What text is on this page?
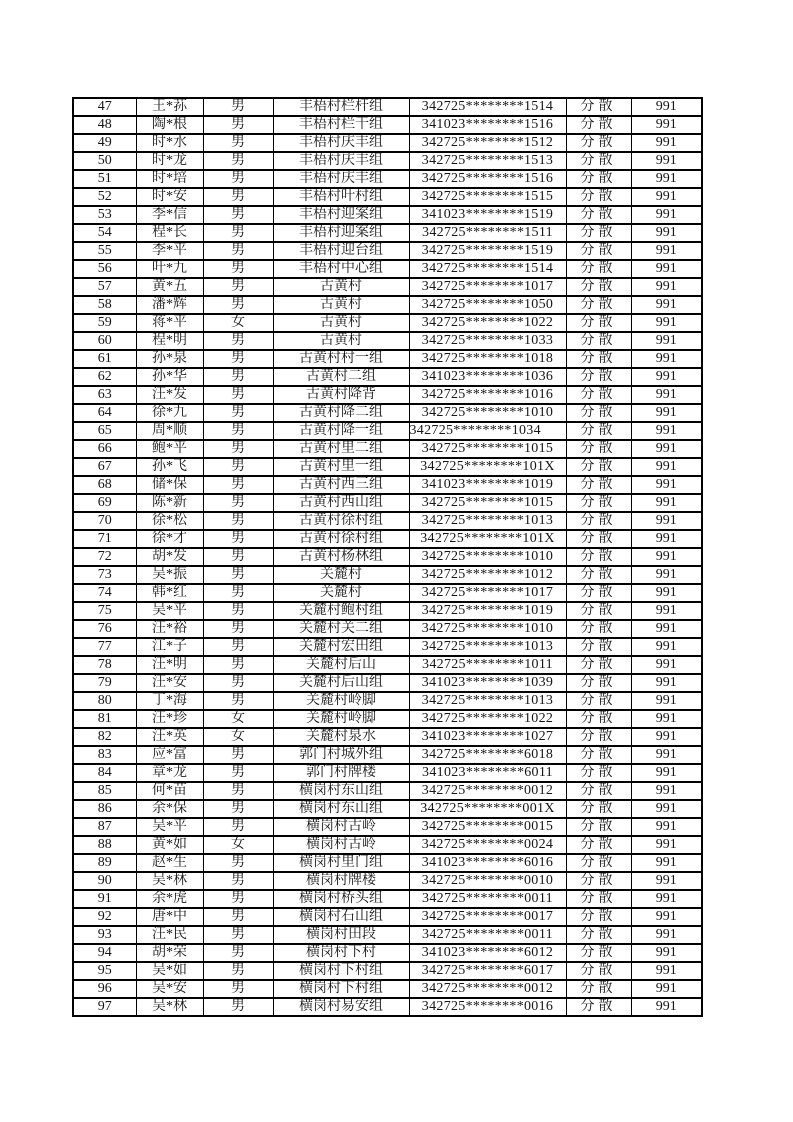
47	王*荪	男	丰梧村栏杆组	342725********1514	分散	991
48	陶*根	男	丰梧村栏干组	341023********1516	分散	991
49	时*水	男	丰梧村庆丰组	342725********1512	分散	991
50	时*龙	男	丰梧村庆丰组	342725********1513	分散	991
51	时*培	男	丰梧村庆丰组	342725********1516	分散	991
52	时*安	男	丰梧村叶村组	342725********1515	分散	991
53	李*信	男	丰梧村迎案组	341023********1519	分散	991
54	程*长	男	丰梧村迎案组	342725********1511	分散	991
55	李*平	男	丰梧村迎台组	342725********1519	分散	991
56	叶*九	男	丰梧村中心组	342725********1514	分散	991
57	黄*五	男	古黄村	342725********1017	分散	991
58	潘*辉	男	古黄村	342725********1050	分散	991
59	蒋*平	女	古黄村	342725********1022	分散	991
60	程*明	男	古黄村	342725********1033	分散	991
61	孙*泉	男	古黄村村一组	342725********1018	分散	991
62	孙*华	男	古黄村二组	341023********1036	分散	991
63	汪*发	男	古黄村降背	342725********1016	分散	991
64	徐*九	男	古黄村降二组	342725********1010	分散	991
65	周*顺	男	古黄村降一组	342725********1034	分散	991
66	鲍*平	男	古黄村里二组	342725********1015	分散	991
67	孙*飞	男	古黄村里一组	342725********101X	分散	991
68	储*保	男	古黄村西三组	341023********1019	分散	991
69	陈*新	男	古黄村西山组	342725********1015	分散	991
70	徐*松	男	古黄村徐村组	342725********1013	分散	991
71	徐*才	男	古黄村徐村组	342725********101X	分散	991
72	胡*发	男	古黄村杨林组	342725********1010	分散	991
73	吴*振	男	关麓村	342725********1012	分散	991
74	韩*红	男	关麓村	342725********1017	分散	991
75	吴*平	男	关麓村鲍村组	342725********1019	分散	991
76	汪*裕	男	关麓村关二组	342725********1010	分散	991
77	江*子	男	关麓村宏田组	342725********1013	分散	991
78	汪*明	男	关麓村后山	342725********1011	分散	991
79	汪*安	男	关麓村后山组	341023********1039	分散	991
80	丁*海	男	关麓村岭脚	342725********1013	分散	991
81	汪*珍	女	关麓村岭脚	342725********1022	分散	991
82	汪*英	女	关麓村泉水	341023********1027	分散	991
83	应*富	男	郭门村城外组	342725********6018	分散	991
84	章*龙	男	郭门村牌楼	341023********6011	分散	991
85	何*苗	男	横岗村东山组	342725********0012	分散	991
86	余*保	男	横岗村东山组	342725********001X	分散	991
87	吴*平	男	横岗村古岭	342725********0015	分散	991
88	黄*如	女	横岗村古岭	342725********0024	分散	991
89	赵*生	男	横岗村里门组	341023********6016	分散	991
90	吴*林	男	横岗村牌楼	342725********0010	分散	991
91	余*虎	男	横岗村桥头组	342725********0011	分散	991
92	唐*中	男	横岗村石山组	342725********0017	分散	991
93	汪*民	男	横岗村田段	342725********0011	分散	991
94	胡*荣	男	横岗村下村	341023********6012	分散	991
95	吴*如	男	横岗村下村组	342725********6017	分散	991
96	吴*安	男	横岗村下村组	342725********0012	分散	991
97	吴*林	男	横岗村易安组	342725********0016	分散	991
